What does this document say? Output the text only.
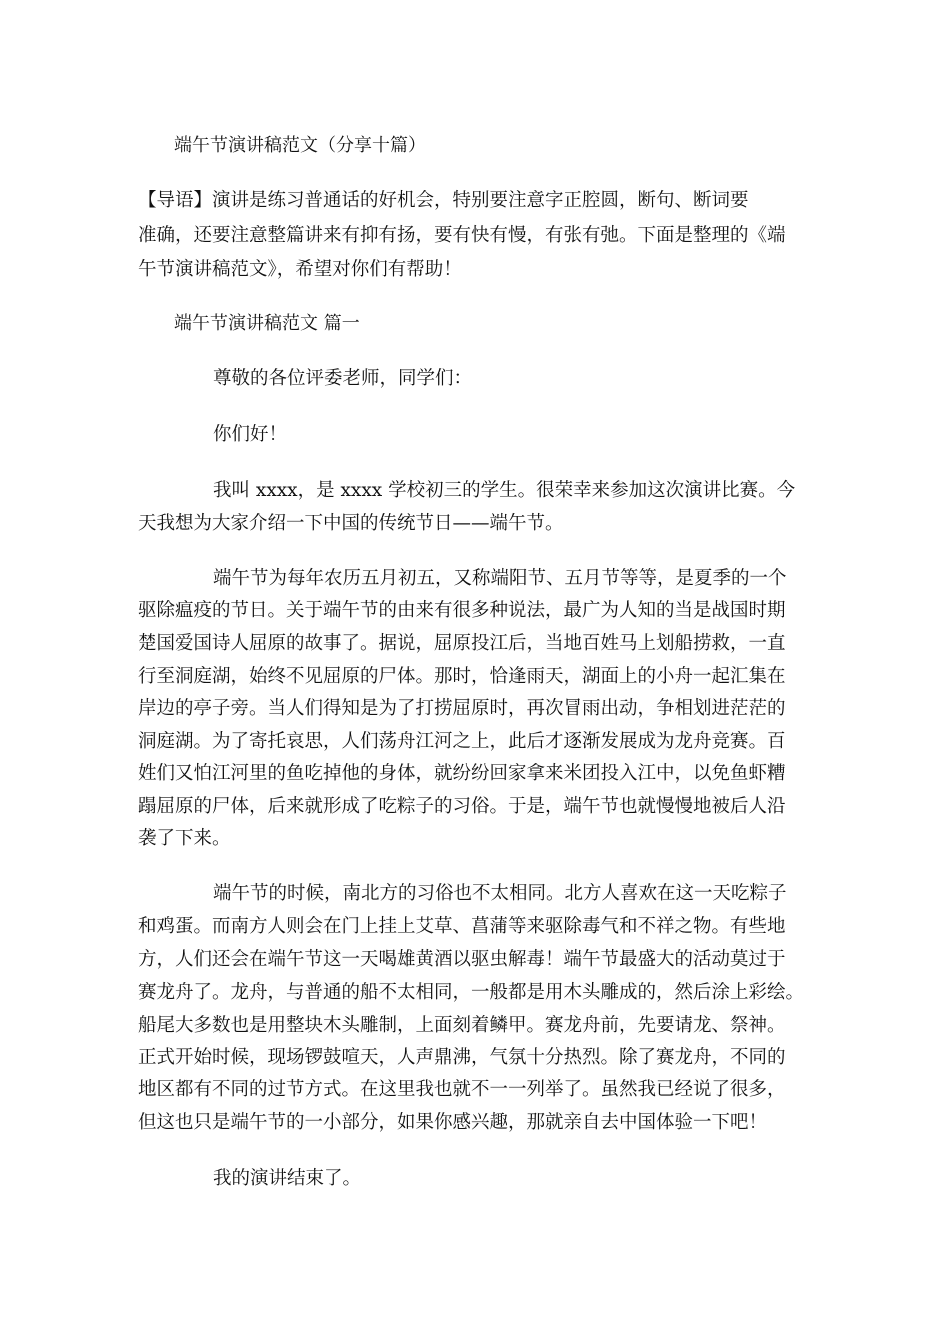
端午节演讲稿范文（分享十篇）
【导语】演讲是练习普通话的好机会，特别要注意字正腔圆，断句、断词要
准确，还要注意整篇讲来有抑有扬，要有快有慢，有张有弛。下面是整理的《端
午节演讲稿范文》，希望对你们有帮助！
端午节演讲稿范文 篇一
尊敬的各位评委老师，同学们：
你们好！
我叫 xxxx，是 xxxx 学校初三的学生。很荣幸来参加这次演讲比赛。今
天我想为大家介绍一下中国的传统节日——端午节。
端午节为每年农历五月初五，又称端阳节、五月节等等，是夏季的一个
驱除瘟疫的节日。关于端午节的由来有很多种说法，最广为人知的当是战国时期
楚国爱国诗人屈原的故事了。据说，屈原投江后，当地百姓马上划船捞救，一直
行至洞庭湖，始终不见屈原的尸体。那时，恰逢雨天，湖面上的小舟一起汇集在
岸边的亭子旁。当人们得知是为了打捞屈原时，再次冒雨出动，争相划进茫茫的
洞庭湖。为了寄托哀思，人们荡舟江河之上，此后才逐渐发展成为龙舟竞赛。百
姓们又怕江河里的鱼吃掉他的身体，就纷纷回家拿来米团投入江中，以免鱼虾糟
蹋屈原的尸体，后来就形成了吃粽子的习俗。于是，端午节也就慢慢地被后人沿
袭了下来。
端午节的时候，南北方的习俗也不太相同。北方人喜欢在这一天吃粽子
和鸡蛋。而南方人则会在门上挂上艾草、菖蒲等来驱除毒气和不祥之物。有些地
方，人们还会在端午节这一天喝雄黄酒以驱虫解毒！端午节最盛大的活动莫过于
赛龙舟了。龙舟，与普通的船不太相同，一般都是用木头雕成的，然后涂上彩绘。
船尾大多数也是用整块木头雕制，上面刻着鳞甲。赛龙舟前，先要请龙、祭神。
正式开始时候，现场锣鼓喧天，人声鼎沸，气氛十分热烈。除了赛龙舟，不同的
地区都有不同的过节方式。在这里我也就不一一列举了。虽然我已经说了很多，
但这也只是端午节的一小部分，如果你感兴趣，那就亲自去中国体验一下吧！
我的演讲结束了。
